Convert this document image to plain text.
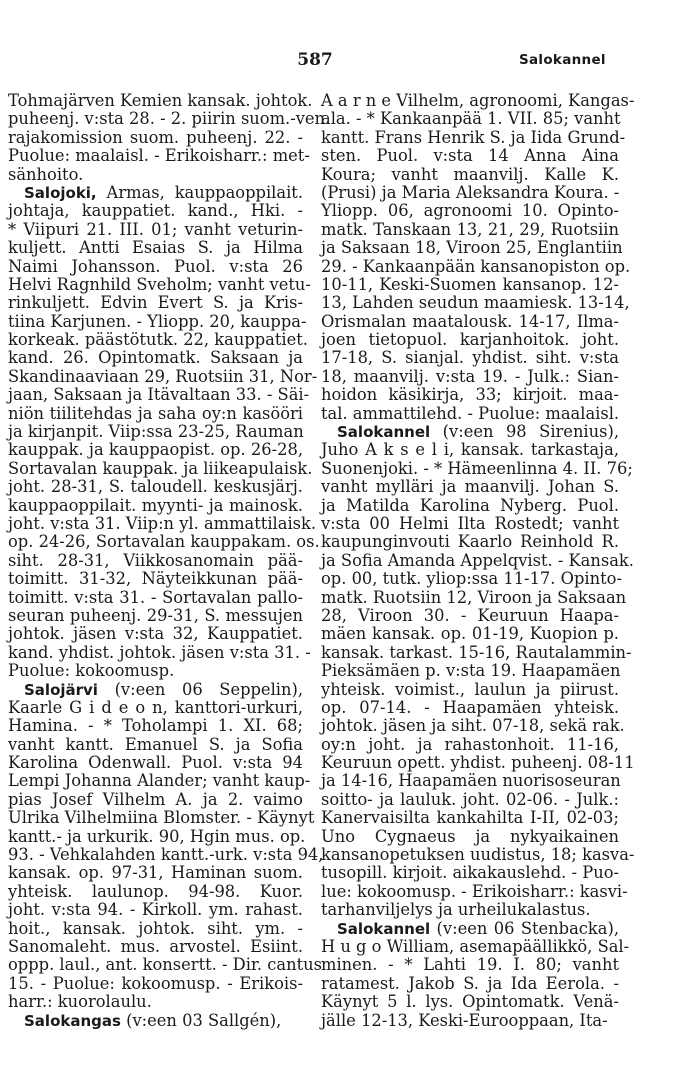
587	Salokannel
Tohmajärven Kemien kansak. johtok.
puheenj. v:sta 28. - 2. piirin suom.-ven.
rajakomission suom. puheenj. 22. -
Puolue: maalaisl. - Erikoisharr.: met-
sänhoito.
Salojoki, Armas, kauppaoppilait.
johtaja, kauppatiet. kand., Hki. -
* Viipuri 21. III. 01; vanht veturin-
kuljett. Antti Esaias S. ja Hilma
Naimi Johansson. Puol. v:sta 26
Helvi Ragnhild Sveholm; vanht vetu-
rinkuljett. Edvin Evert S. ja Kris-
tiina Karjunen. - Yliopp. 20, kauppa-
korkeak. päästötutk. 22, kauppatiet.
kand. 26. Opintomatk. Saksaan ja
Skandinaaviaan 29, Ruotsiin 31, Nor-
jaan, Saksaan ja Itävaltaan 33. - Säi-
niön tiilitehdas ja saha oy:n kasööri
ja kirjanpit. Viip:ssa 23-25, Rauman
kauppak. ja kauppaopist. op. 26-28,
Sortavalan kauppak. ja liikeapulaisk.
joht. 28-31, S. taloudell. keskusjärj.
kauppaoppilait. myynti- ja mainosk.
joht. v:sta 31. Viip:n yl. ammattilaisk.
op. 24-26, Sortavalan kauppakam. os.
siht. 28-31, Viikkosanomain pää-
toimitt. 31-32, Näyteikkunan pää-
toimitt. v:sta 31. - Sortavalan pallo-
seuran puheenj. 29-31, S. messujen
johtok. jäsen v:sta 32, Kauppatiet.
kand. yhdist. johtok. jäsen v:sta 31. -
Puolue: kokoomusp.
Salojärvi (v:een 06 Seppelin),
Kaarle G i d e o n, kanttori-urkuri,
Hamina. - * Toholampi 1. XI. 68;
vanht kantt. Emanuel S. ja Sofia
Karolina Odenwall. Puol. v:sta 94
Lempi Johanna Alander; vanht kaup-
pias Josef Vilhelm A. ja 2. vaimo
Ulrika Vilhelmiina Blomster. - Käynyt
kantt.- ja urkurik. 90, Hgin mus. op.
93. - Vehkalahden kantt.-urk. v:sta 94,
kansak. op. 97-31, Haminan suom.
yhteisk. laulunop. 94-98. Kuor.
joht. v:sta 94. - Kirkoll. ym. rahast.
hoit., kansak. johtok. siht. ym. -
Sanomaleht. mus. arvostel. Esiint.
oppp. laul., ant. konsertt. - Dir. cantus
15. - Puolue: kokoomusp. - Erikois-
harr.: kuorolaulu.
Salokangas (v:een 03 Sallgén),
A a r n e Vilhelm, agronoomi, Kangas-
ala. - * Kankaanpää 1. VII. 85; vanht
kantt. Frans Henrik S. ja Iida Grund-
sten. Puol. v:sta 14 Anna Aina
Koura; vanht maanvilj. Kalle K.
(Prusi) ja Maria Aleksandra Koura. -
Yliopp. 06, agronoomi 10. Opinto-
matk. Tanskaan 13, 21, 29, Ruotsiin
ja Saksaan 18, Viroon 25, Englantiin
29. - Kankaanpään kansanopiston op.
10-11, Keski-Suomen kansanop. 12-
13, Lahden seudun maamiesk. 13-14,
Orismalan maatalousk. 14-17, Ilma-
joen tietopuol. karjanhoitok. joht.
17-18, S. sianjal. yhdist. siht. v:sta
18, maanvilj. v:sta 19. - Julk.: Sian-
hoidon käsikirja, 33; kirjoit. maa-
tal. ammattilehd. - Puolue: maalaisl.
Salokannel (v:een 98 Sirenius),
Juho A k s e l i, kansak. tarkastaja,
Suonenjoki. - * Hämeenlinna 4. II. 76;
vanht mylläri ja maanvilj. Johan S.
ja Matilda Karolina Nyberg. Puol.
v:sta 00 Helmi Ilta Rostedt; vanht
kaupunginvouti Kaarlo Reinhold R.
ja Sofia Amanda Appelqvist. - Kansak.
op. 00, tutk. yliop:ssa 11-17. Opinto-
matk. Ruotsiin 12, Viroon ja Saksaan
28, Viroon 30. - Keuruun Haapa-
mäen kansak. op. 01-19, Kuopion p.
kansak. tarkast. 15-16, Rautalammin-
Pieksämäen p. v:sta 19. Haapamäen
yhteisk. voimist., laulun ja piirust.
op. 07-14. - Haapamäen yhteisk.
johtok. jäsen ja siht. 07-18, sekä rak.
oy:n joht. ja rahastonhoit. 11-16,
Keuruun opett. yhdist. puheenj. 08-11
ja 14-16, Haapamäen nuorisoseuran
soitto- ja lauluk. joht. 02-06. - Julk.:
Kanervaisilta kankahilta I-II, 02-03;
Uno Cygnaeus ja nykyaikainen
kansanopetuksen uudistus, 18; kasva-
tusopill. kirjoit. aikakauslehd. - Puo-
lue: kokoomusp. - Erikoisharr.: kasvi-
tarhanviljelys ja urheilukalastus.
Salokannel (v:een 06 Stenbacka),
H u g o William, asemapäällikkö, Sal-
minen. - * Lahti 19. I. 80; vanht
ratamest. Jakob S. ja Ida Eerola. -
Käynyt 5 l. lys. Opintomatk. Venä-
jälle 12-13, Keski-Eurooppaan, Ita-
